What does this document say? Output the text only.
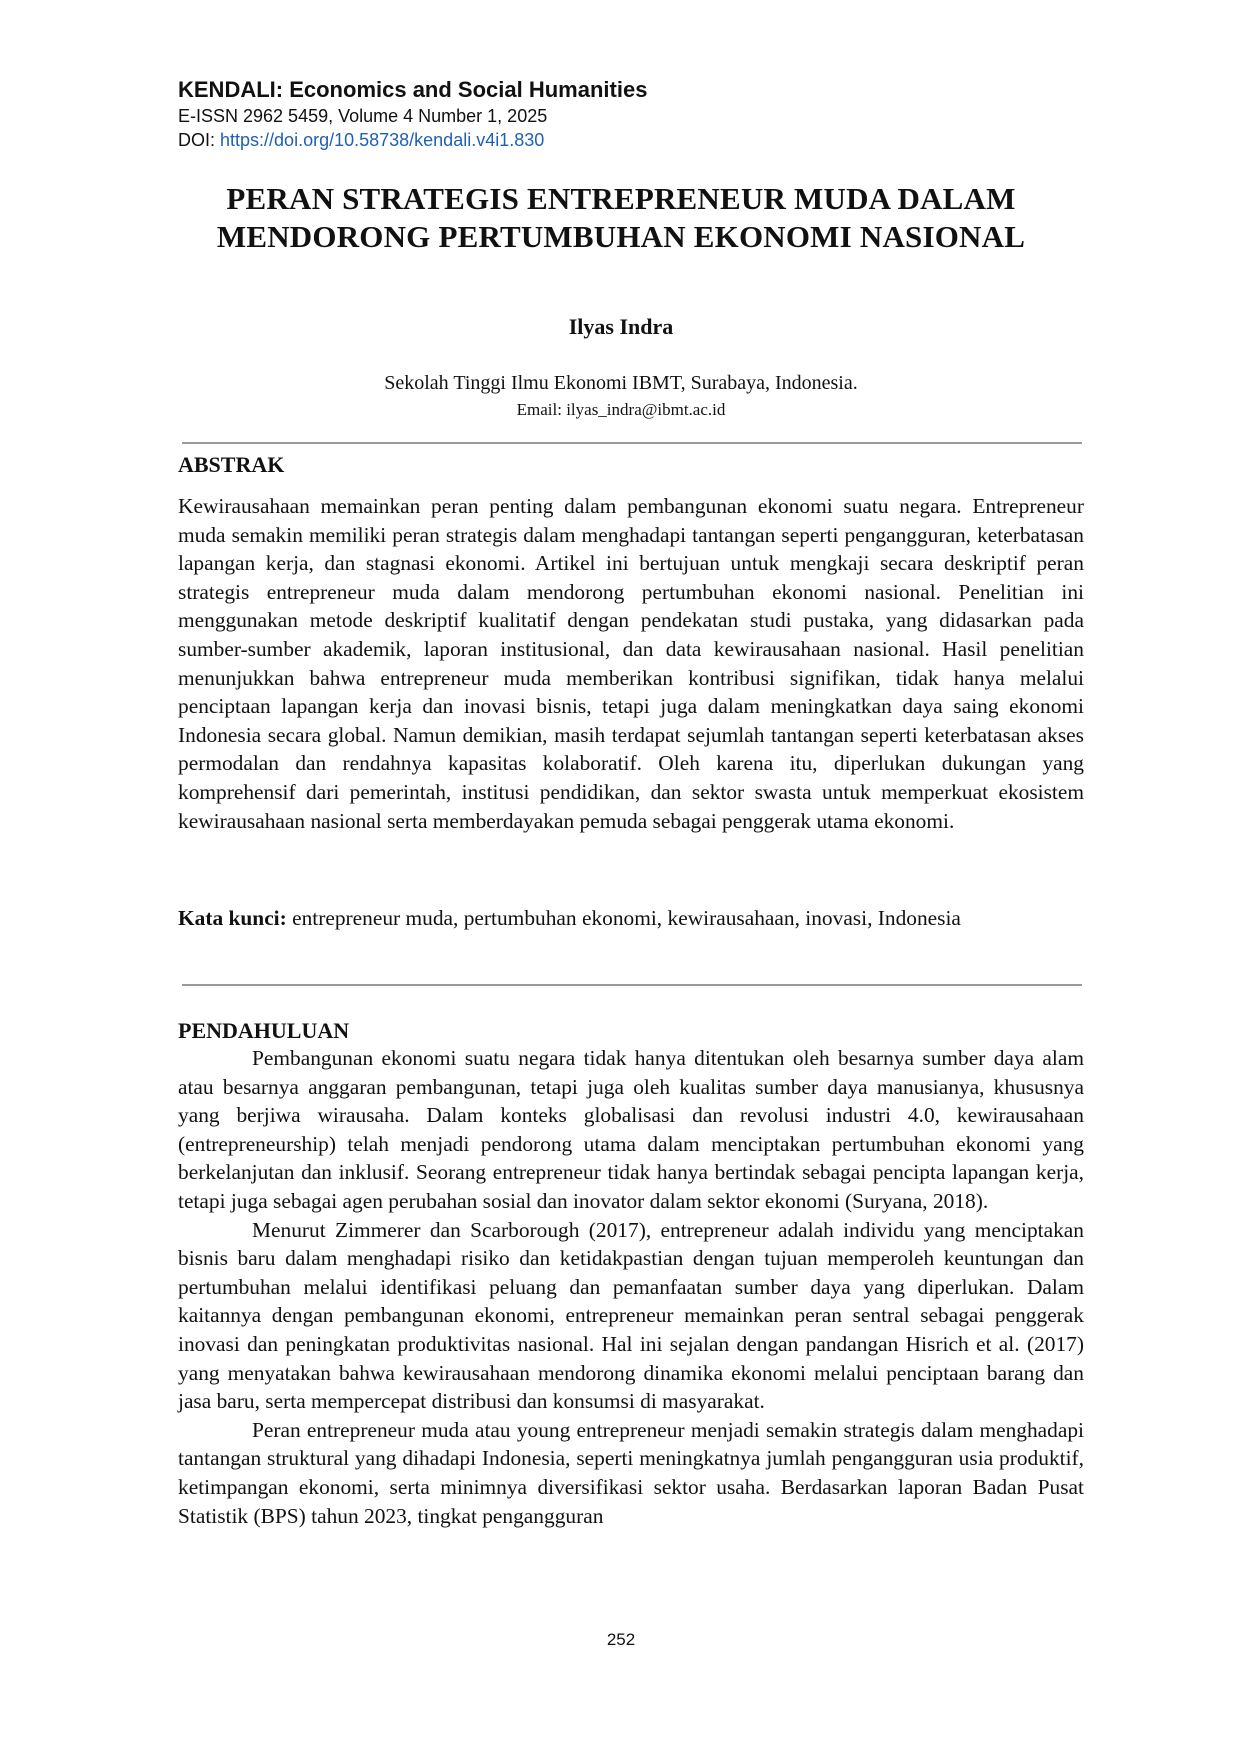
KENDALI: Economics and Social Humanities
E-ISSN 2962 5459, Volume 4 Number 1, 2025
DOI: https://doi.org/10.58738/kendali.v4i1.830
PERAN STRATEGIS ENTREPRENEUR MUDA DALAM
MENDORONG PERTUMBUHAN EKONOMI NASIONAL
Ilyas Indra
Sekolah Tinggi Ilmu Ekonomi IBMT, Surabaya, Indonesia.
Email: ilyas_indra@ibmt.ac.id
ABSTRAK
Kewirausahaan memainkan peran penting dalam pembangunan ekonomi suatu negara. Entrepreneur muda semakin memiliki peran strategis dalam menghadapi tantangan seperti pengangguran, keterbatasan lapangan kerja, dan stagnasi ekonomi. Artikel ini bertujuan untuk mengkaji secara deskriptif peran strategis entrepreneur muda dalam mendorong pertumbuhan ekonomi nasional. Penelitian ini menggunakan metode deskriptif kualitatif dengan pendekatan studi pustaka, yang didasarkan pada sumber-sumber akademik, laporan institusional, dan data kewirausahaan nasional. Hasil penelitian menunjukkan bahwa entrepreneur muda memberikan kontribusi signifikan, tidak hanya melalui penciptaan lapangan kerja dan inovasi bisnis, tetapi juga dalam meningkatkan daya saing ekonomi Indonesia secara global. Namun demikian, masih terdapat sejumlah tantangan seperti keterbatasan akses permodalan dan rendahnya kapasitas kolaboratif. Oleh karena itu, diperlukan dukungan yang komprehensif dari pemerintah, institusi pendidikan, dan sektor swasta untuk memperkuat ekosistem kewirausahaan nasional serta memberdayakan pemuda sebagai penggerak utama ekonomi.
Kata kunci: entrepreneur muda, pertumbuhan ekonomi, kewirausahaan, inovasi, Indonesia
PENDAHULUAN

Pembangunan ekonomi suatu negara tidak hanya ditentukan oleh besarnya sumber daya alam atau besarnya anggaran pembangunan, tetapi juga oleh kualitas sumber daya manusianya, khususnya yang berjiwa wirausaha. Dalam konteks globalisasi dan revolusi industri 4.0, kewirausahaan (entrepreneurship) telah menjadi pendorong utama dalam menciptakan pertumbuhan ekonomi yang berkelanjutan dan inklusif. Seorang entrepreneur tidak hanya bertindak sebagai pencipta lapangan kerja, tetapi juga sebagai agen perubahan sosial dan inovator dalam sektor ekonomi (Suryana, 2018).

Menurut Zimmerer dan Scarborough (2017), entrepreneur adalah individu yang menciptakan bisnis baru dalam menghadapi risiko dan ketidakpastian dengan tujuan memperoleh keuntungan dan pertumbuhan melalui identifikasi peluang dan pemanfaatan sumber daya yang diperlukan. Dalam kaitannya dengan pembangunan ekonomi, entrepreneur memainkan peran sentral sebagai penggerak inovasi dan peningkatan produktivitas nasional. Hal ini sejalan dengan pandangan Hisrich et al. (2017) yang menyatakan bahwa kewirausahaan mendorong dinamika ekonomi melalui penciptaan barang dan jasa baru, serta mempercepat distribusi dan konsumsi di masyarakat.

Peran entrepreneur muda atau young entrepreneur menjadi semakin strategis dalam menghadapi tantangan struktural yang dihadapi Indonesia, seperti meningkatnya jumlah pengangguran usia produktif, ketimpangan ekonomi, serta minimnya diversifikasi sektor usaha. Berdasarkan laporan Badan Pusat Statistik (BPS) tahun 2023, tingkat pengangguran

252
